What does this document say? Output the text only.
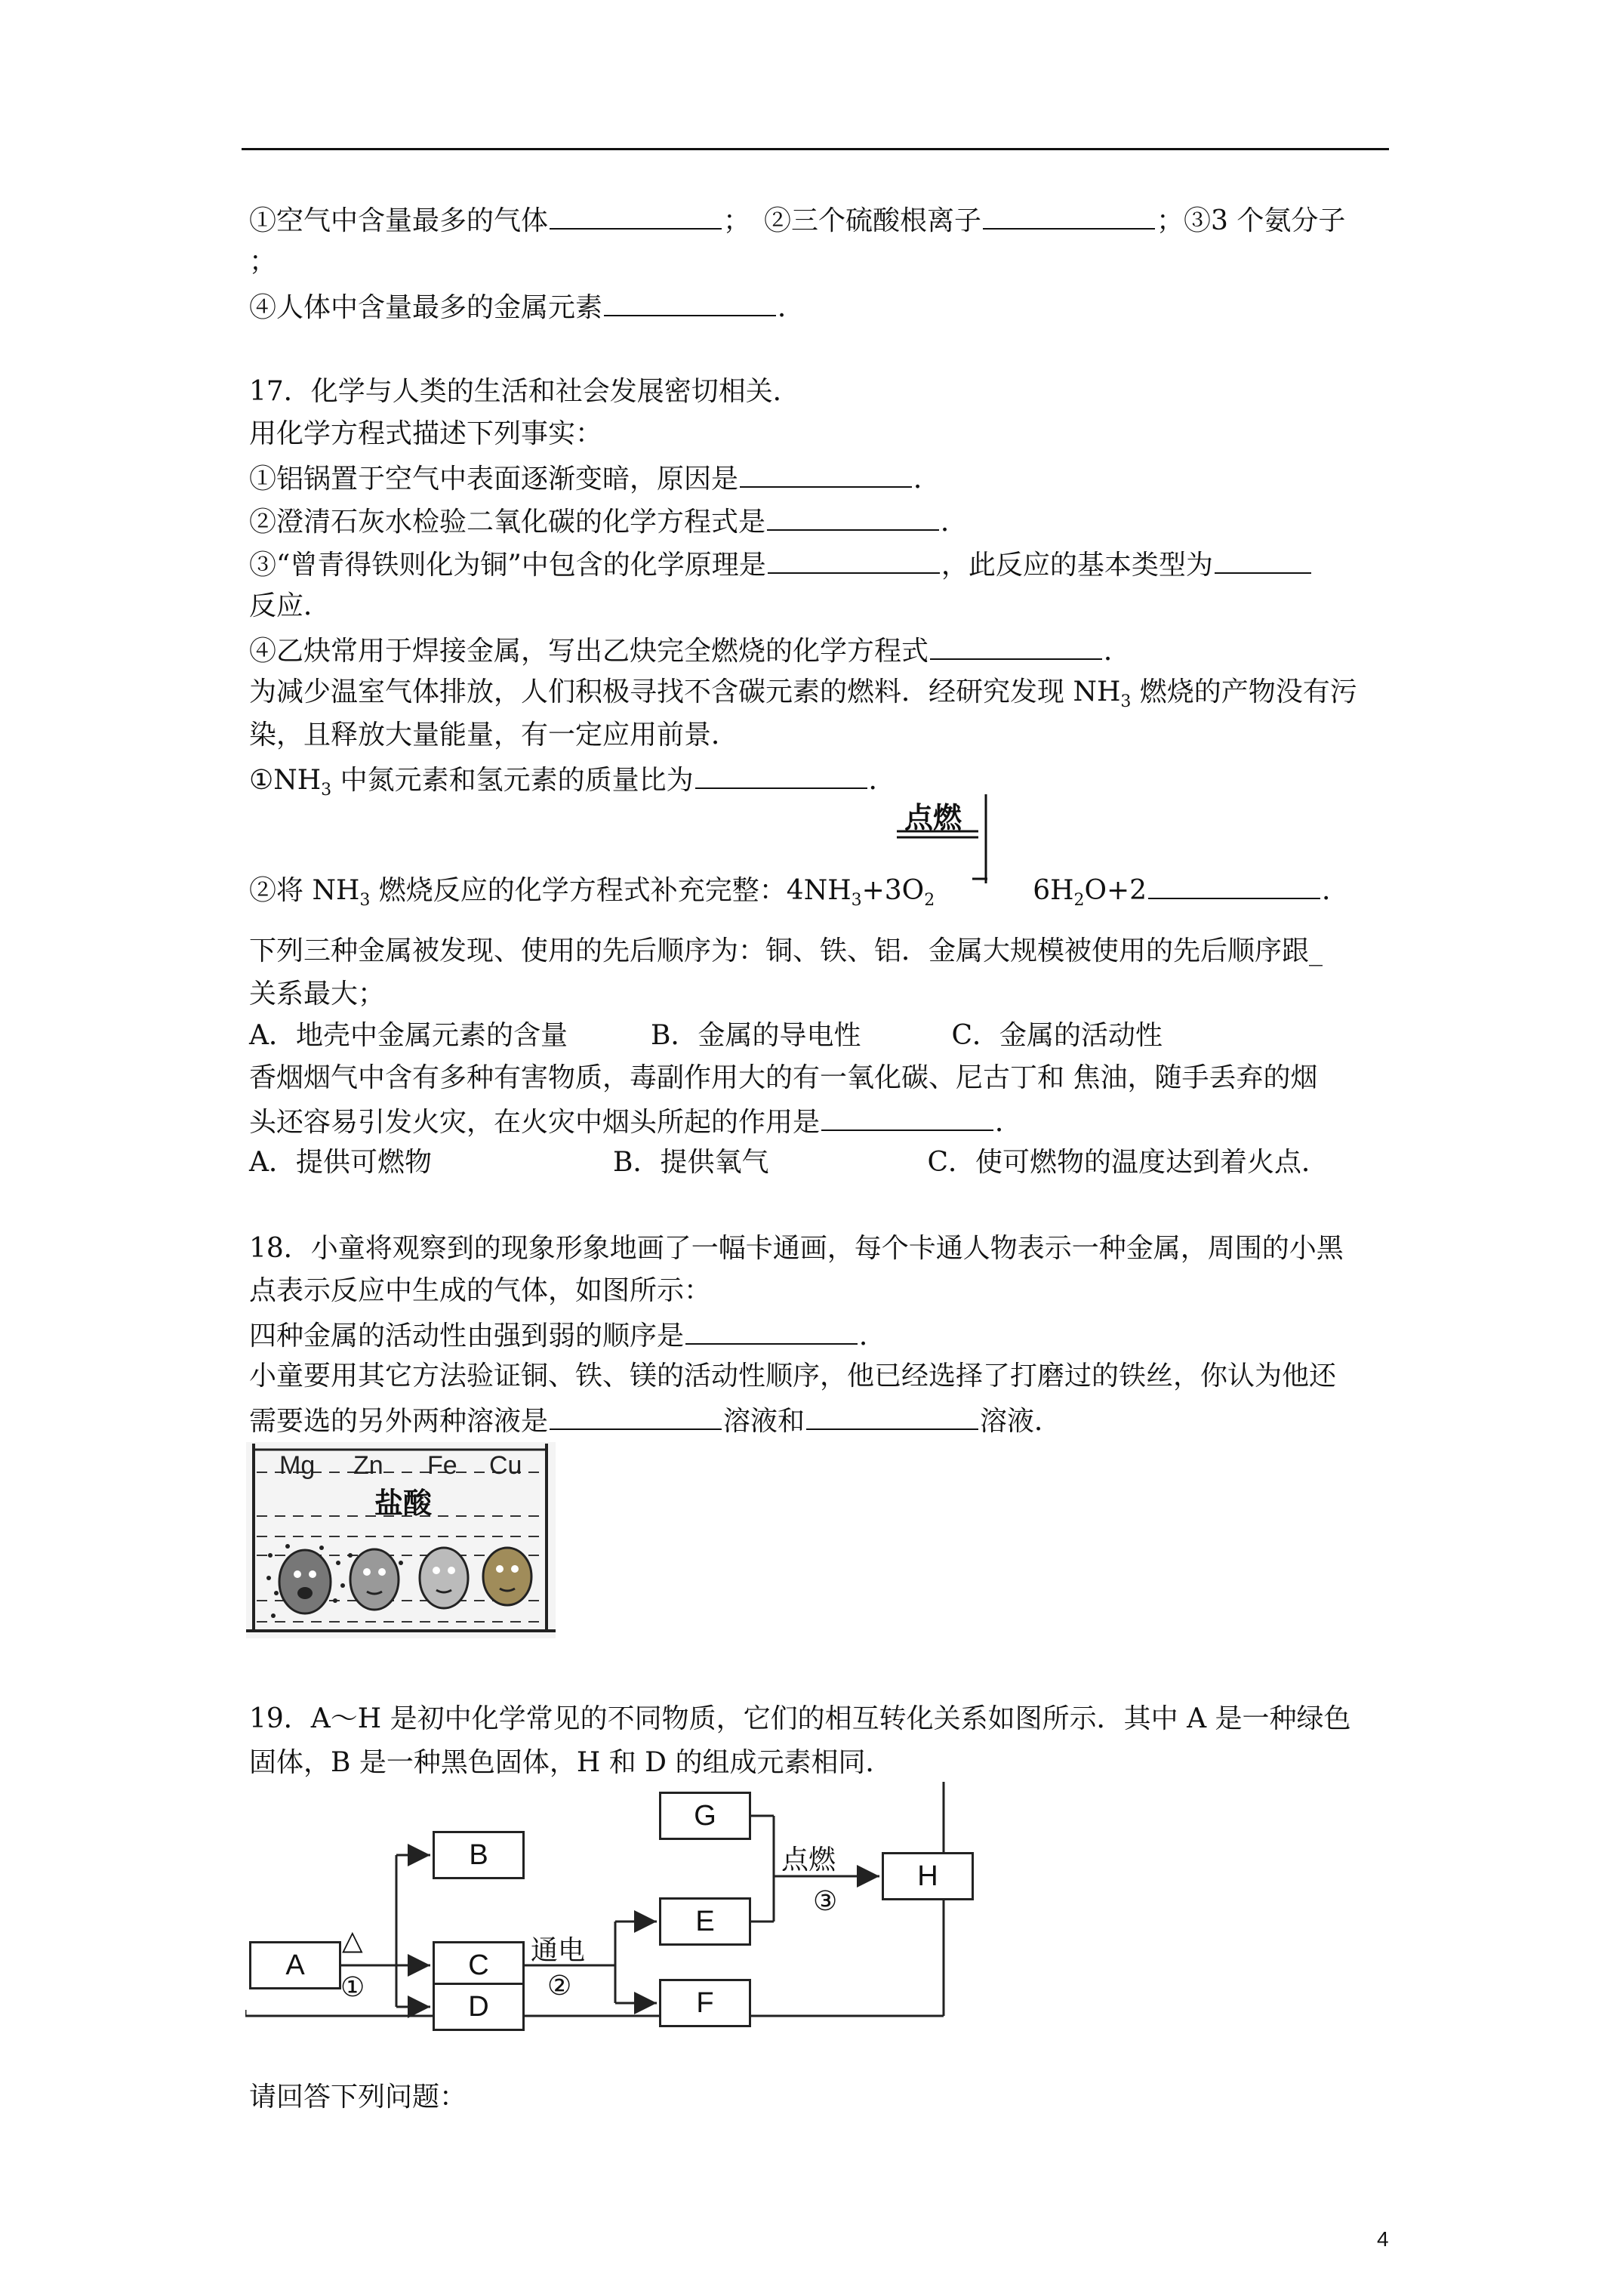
①空气中含量最多的气体	；　②三个硫酸根离子	；③3 个氨分子
；
④人体中含量最多的金属元素	．
17．化学与人类的生活和社会发展密切相关．
用化学方程式描述下列事实：
①铝锅置于空气中表面逐渐变暗，原因是	．
②澄清石灰水检验二氧化碳的化学方程式是	．
③“曾青得铁则化为铜”中包含的化学原理是	，此反应的基本类型为
反应．
④乙炔常用于焊接金属，写出乙炔完全燃烧的化学方程式	．
为减少温室气体排放，人们积极寻找不含碳元素的燃料．经研究发现 $NH_3$ 燃烧的产物没有污
染，且释放大量能量，有一定应用前景．
$①NH_3$ 中氮元素和氢元素的质量比为	．
点燃
②将 $NH_3$ 燃烧反应的化学方程式补充完整：$4NH_3+3O_2$	$6H_2O+2$	．
下列三种金属被发现、使用的先后顺序为：铜、铁、铝．金属大规模被使用的先后顺序跟_
关系最大；
A．地壳中金属元素的含量	B．金属的导电性	C．金属的活动性
香烟烟气中含有多种有害物质，毒副作用大的有一氧化碳、尼古丁和 焦油，随手丢弃的烟
头还容易引发火灾，在火灾中烟头所起的作用是	．
A．提供可燃物	B．提供氧气	C．使可燃物的温度达到着火点．
18．小童将观察到的现象形象地画了一幅卡通画，每个卡通人物表示一种金属，周围的小黑
点表示反应中生成的气体，如图所示：
四种金属的活动性由强到弱的顺序是	．
小童要用其它方法验证铜、铁、镁的活动性顺序，他已经选择了打磨过的铁丝，你认为他还
需要选的另外两种溶液是	溶液和	溶液．
Mg Zn Fe Cu
盐酸
19．A～H 是初中化学常见的不同物质，它们的相互转化关系如图所示．其中 A 是一种绿色
固体，B 是一种黑色固体，H 和 D 的组成元素相同．
A
B
C
D
G
E
F
H
△
①
通电
②
点燃
③
请回答下列问题：
4
